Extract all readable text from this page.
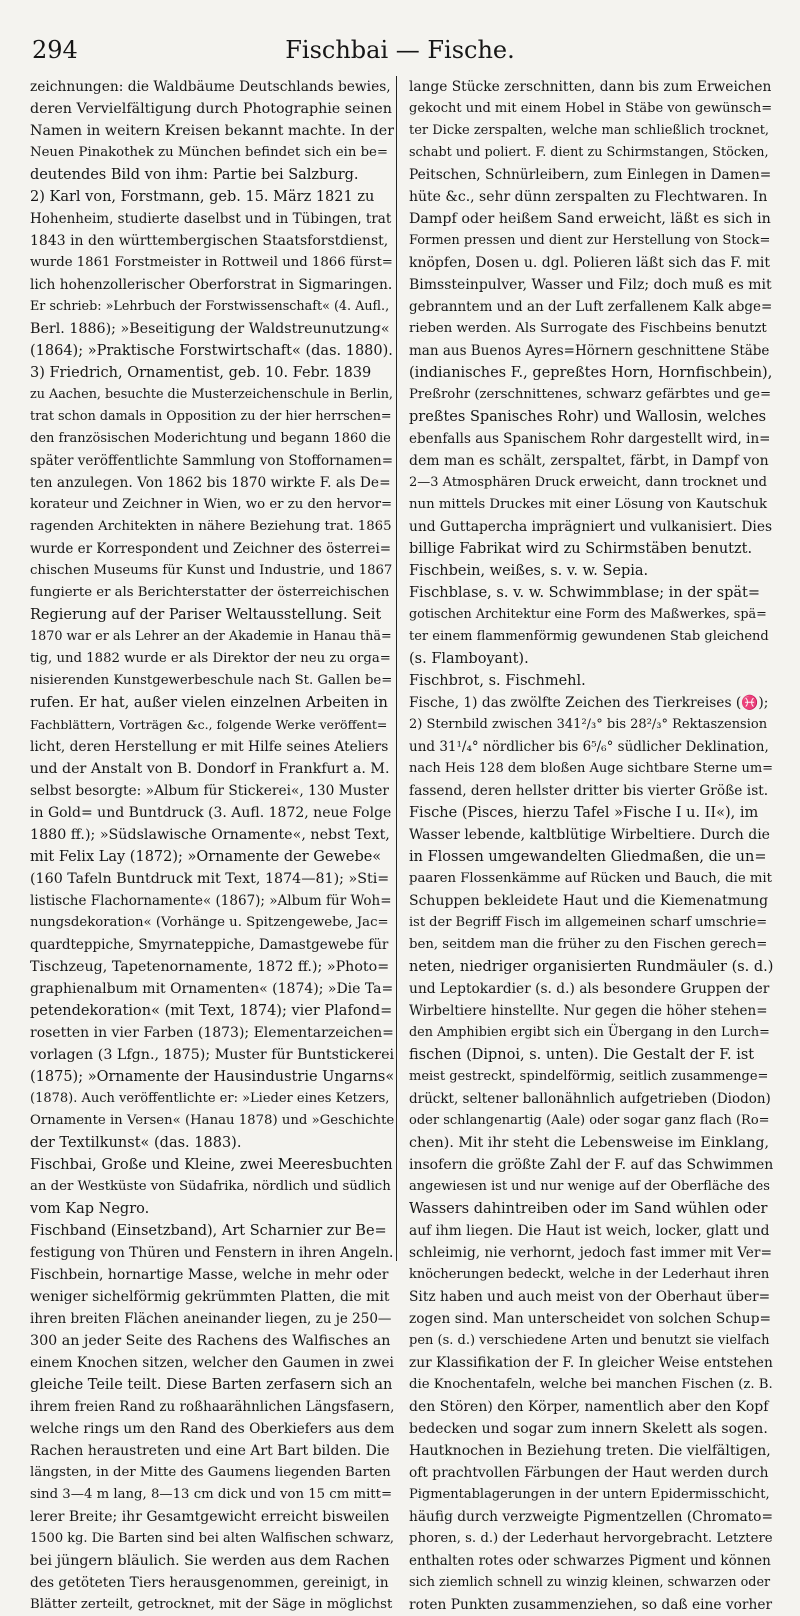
294	Fischbai — Fische.
zeichnungen: die Waldbäume Deutschlands bewies,
deren Vervielfältigung durch Photographie seinen
Namen in weitern Kreisen bekannt machte. In der
Neuen Pinakothek zu München befindet sich ein be=
deutendes Bild von ihm: Partie bei Salzburg.
2) Karl von, Forstmann, geb. 15. März 1821 zu
Hohenheim, studierte daselbst und in Tübingen, trat
1843 in den württembergischen Staatsforstdienst,
wurde 1861 Forstmeister in Rottweil und 1866 fürst=
lich hohenzollerischer Oberforstrat in Sigmaringen.
Er schrieb: »Lehrbuch der Forstwissenschaft« (4. Aufl.,
Berl. 1886); »Beseitigung der Waldstreunutzung«
(1864); »Praktische Forstwirtschaft« (das. 1880).
3) Friedrich, Ornamentist, geb. 10. Febr. 1839
zu Aachen, besuchte die Musterzeichenschule in Berlin,
trat schon damals in Opposition zu der hier herrschen=
den französischen Moderichtung und begann 1860 die
später veröffentlichte Sammlung von Stoffornamen=
ten anzulegen. Von 1862 bis 1870 wirkte F. als De=
korateur und Zeichner in Wien, wo er zu den hervor=
ragenden Architekten in nähere Beziehung trat. 1865
wurde er Korrespondent und Zeichner des österrei=
chischen Museums für Kunst und Industrie, und 1867
fungierte er als Berichterstatter der österreichischen
Regierung auf der Pariser Weltausstellung. Seit
1870 war er als Lehrer an der Akademie in Hanau thä=
tig, und 1882 wurde er als Direktor der neu zu orga=
nisierenden Kunstgewerbeschule nach St. Gallen be=
rufen. Er hat, außer vielen einzelnen Arbeiten in
Fachblättern, Vorträgen &c., folgende Werke veröffent=
licht, deren Herstellung er mit Hilfe seines Ateliers
und der Anstalt von B. Dondorf in Frankfurt a. M.
selbst besorgte: »Album für Stickerei«, 130 Muster
in Gold= und Buntdruck (3. Aufl. 1872, neue Folge
1880 ff.); »Südslawische Ornamente«, nebst Text,
mit Felix Lay (1872); »Ornamente der Gewebe«
(160 Tafeln Buntdruck mit Text, 1874—81); »Sti=
listische Flachornamente« (1867); »Album für Woh=
nungsdekoration« (Vorhänge u. Spitzengewebe, Jac=
quardteppiche, Smyrnateppiche, Damastgewebe für
Tischzeug, Tapetenornamente, 1872 ff.); »Photo=
graphienalbum mit Ornamenten« (1874); »Die Ta=
petendekoration« (mit Text, 1874); vier Plafond=
rosetten in vier Farben (1873); Elementarzeichen=
vorlagen (3 Lfgn., 1875); Muster für Buntstickerei
(1875); »Ornamente der Hausindustrie Ungarns«
(1878). Auch veröffentlichte er: »Lieder eines Ketzers,
Ornamente in Versen« (Hanau 1878) und »Geschichte
der Textilkunst« (das. 1883).
Fischbai, Große und Kleine, zwei Meeresbuchten
an der Westküste von Südafrika, nördlich und südlich
vom Kap Negro.
Fischband (Einsetzband), Art Scharnier zur Be=
festigung von Thüren und Fenstern in ihren Angeln.
Fischbein, hornartige Masse, welche in mehr oder
weniger sichelförmig gekrümmten Platten, die mit
ihren breiten Flächen aneinander liegen, zu je 250—
300 an jeder Seite des Rachens des Walfisches an
einem Knochen sitzen, welcher den Gaumen in zwei
gleiche Teile teilt. Diese Barten zerfasern sich an
ihrem freien Rand zu roßhaarähnlichen Längsfasern,
welche rings um den Rand des Oberkiefers aus dem
Rachen heraustreten und eine Art Bart bilden. Die
längsten, in der Mitte des Gaumens liegenden Barten
sind 3—4 m lang, 8—13 cm dick und von 15 cm mitt=
lerer Breite; ihr Gesamtgewicht erreicht bisweilen
1500 kg. Die Barten sind bei alten Walfischen schwarz,
bei jüngern bläulich. Sie werden aus dem Rachen
des getöteten Tiers herausgenommen, gereinigt, in
Blätter zerteilt, getrocknet, mit der Säge in möglichst
lange Stücke zerschnitten, dann bis zum Erweichen
gekocht und mit einem Hobel in Stäbe von gewünsch=
ter Dicke zerspalten, welche man schließlich trocknet,
schabt und poliert. F. dient zu Schirmstangen, Stöcken,
Peitschen, Schnürleibern, zum Einlegen in Damen=
hüte &c., sehr dünn zerspalten zu Flechtwaren. In
Dampf oder heißem Sand erweicht, läßt es sich in
Formen pressen und dient zur Herstellung von Stock=
knöpfen, Dosen u. dgl. Polieren läßt sich das F. mit
Bimssteinpulver, Wasser und Filz; doch muß es mit
gebranntem und an der Luft zerfallenem Kalk abge=
rieben werden. Als Surrogate des Fischbeins benutzt
man aus Buenos Ayres=Hörnern geschnittene Stäbe
(indianisches F., gepreßtes Horn, Hornfischbein),
Preßrohr (zerschnittenes, schwarz gefärbtes und ge=
preßtes Spanisches Rohr) und Wallosin, welches
ebenfalls aus Spanischem Rohr dargestellt wird, in=
dem man es schält, zerspaltet, färbt, in Dampf von
2—3 Atmosphären Druck erweicht, dann trocknet und
nun mittels Druckes mit einer Lösung von Kautschuk
und Guttapercha imprägniert und vulkanisiert. Dies
billige Fabrikat wird zu Schirmstäben benutzt.
Fischbein, weißes, s. v. w. Sepia.
Fischblase, s. v. w. Schwimmblase; in der spät=
gotischen Architektur eine Form des Maßwerkes, spä=
ter einem flammenförmig gewundenen Stab gleichend
(s. Flamboyant).
Fischbrot, s. Fischmehl.
Fische, 1) das zwölfte Zeichen des Tierkreises (♓);
2) Sternbild zwischen 341²/₃° bis 28²/₃° Rektaszension
und 31¹/₄° nördlicher bis 6⁵/₆° südlicher Deklination,
nach Heis 128 dem bloßen Auge sichtbare Sterne um=
fassend, deren hellster dritter bis vierter Größe ist.
Fische (Pisces, hierzu Tafel »Fische I u. II«), im
Wasser lebende, kaltblütige Wirbeltiere. Durch die
in Flossen umgewandelten Gliedmaßen, die un=
paaren Flossenkämme auf Rücken und Bauch, die mit
Schuppen bekleidete Haut und die Kiemenatmung
ist der Begriff Fisch im allgemeinen scharf umschrie=
ben, seitdem man die früher zu den Fischen gerech=
neten, niedriger organisierten Rundmäuler (s. d.)
und Leptokardier (s. d.) als besondere Gruppen der
Wirbeltiere hinstellte. Nur gegen die höher stehen=
den Amphibien ergibt sich ein Übergang in den Lurch=
fischen (Dipnoi, s. unten). Die Gestalt der F. ist
meist gestreckt, spindelförmig, seitlich zusammenge=
drückt, seltener ballonähnlich aufgetrieben (Diodon)
oder schlangenartig (Aale) oder sogar ganz flach (Ro=
chen). Mit ihr steht die Lebensweise im Einklang,
insofern die größte Zahl der F. auf das Schwimmen
angewiesen ist und nur wenige auf der Oberfläche des
Wassers dahintreiben oder im Sand wühlen oder
auf ihm liegen. Die Haut ist weich, locker, glatt und
schleimig, nie verhornt, jedoch fast immer mit Ver=
knöcherungen bedeckt, welche in der Lederhaut ihren
Sitz haben und auch meist von der Oberhaut über=
zogen sind. Man unterscheidet von solchen Schup=
pen (s. d.) verschiedene Arten und benutzt sie vielfach
zur Klassifikation der F. In gleicher Weise entstehen
die Knochentafeln, welche bei manchen Fischen (z. B.
den Stören) den Körper, namentlich aber den Kopf
bedecken und sogar zum innern Skelett als sogen.
Hautknochen in Beziehung treten. Die vielfältigen,
oft prachtvollen Färbungen der Haut werden durch
Pigmentablagerungen in der untern Epidermisschicht,
häufig durch verzweigte Pigmentzellen (Chromato=
phoren, s. d.) der Lederhaut hervorgebracht. Letztere
enthalten rotes oder schwarzes Pigment und können
sich ziemlich schnell zu winzig kleinen, schwarzen oder
roten Punkten zusammenziehen, so daß eine vorher
